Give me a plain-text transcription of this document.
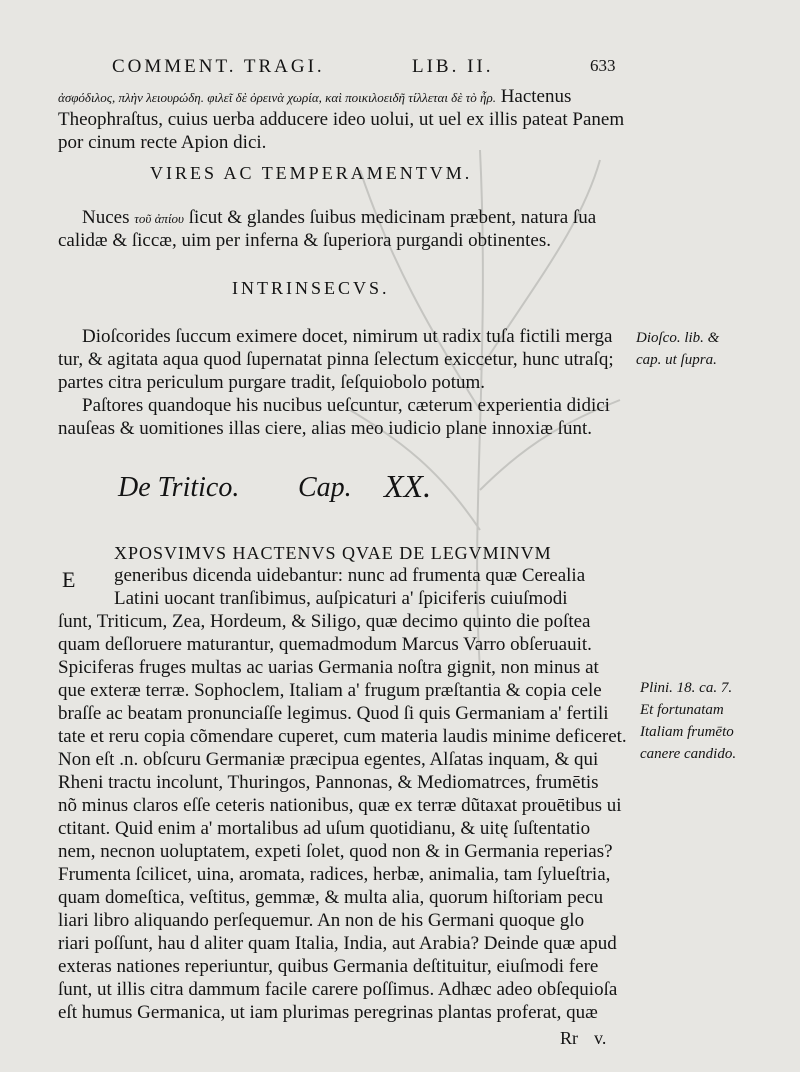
COMMENT. TRAGI.	LIB. II.	633
ἀσφόδιλος, πλὴν λειουρώδη. φιλεῖ δὲ ὀρεινὰ χωρία, καὶ ποικιλοειδῆ τίλλεται δὲ τὸ ἦρ. Hactenus
Theophraſtus, cuius uerba adducere ideo uolui, ut uel ex illis pateat Panem
por cinum recte Apion dici.
VIRES AC TEMPERAMENTVM.
Nuces τοῦ ἀπίου ſicut & glandes ſuibus medicinam præbent, natura ſua
calidæ & ſiccæ, uim per inferna & ſuperiora purgandi obtinentes.
INTRINSECVS.
Dioſcorides ſuccum eximere docet, nimirum ut radix tuſa fictili merga
tur, & agitata aqua quod ſupernatat pinna ſelectum exiccetur, hunc utraſq;
partes citra periculum purgare tradit, ſeſquiobolo potum.
Paſtores quandoque his nucibus ueſcuntur, cæterum experientia didici
nauſeas & uomitiones illas ciere, alias meo iudicio plane innoxiæ ſunt.
De Tritico. Cap. XX.
E
XPOSVIMVS HACTENVS QVAE DE LEGVMINVM
generibus dicenda uidebantur: nunc ad frumenta quæ Cerealia
Latini uocant tranſibimus, auſpicaturi a' ſpiciferis cuiuſmodi
ſunt, Triticum, Zea, Hordeum, & Siligo, quæ decimo quinto die poſtea
quam deſloruere maturantur, quemadmodum Marcus Varro obſeruauit.
Spiciferas fruges multas ac uarias Germania noſtra gignit, non minus at
que exteræ terræ. Sophoclem, Italiam a' frugum præſtantia & copia cele
braſſe ac beatam pronunciaſſe legimus. Quod ſi quis Germaniam a' fertili
tate et reru copia cõmendare cuperet, cum materia laudis minime deficeret.
Non eſt .n. obſcuru Germaniæ præcipua egentes, Alſatas inquam, & qui
Rheni tractu incolunt, Thuringos, Pannonas, & Mediomatrces, frumētis
nõ minus claros eſſe ceteris nationibus, quæ ex terræ dũtaxat prouētibus ui
ctitant. Quid enim a' mortalibus ad uſum quotidianu, & uitę ſuſtentatio
nem, necnon uoluptatem, expeti ſolet, quod non & in Germania reperias?
Frumenta ſcilicet, uina, aromata, radices, herbæ, animalia, tam ſylueſtria,
quam domeſtica, veſtitus, gemmæ, & multa alia, quorum hiſtoriam pecu
liari libro aliquando perſequemur. An non de his Germani quoque glo
riari poſſunt, hau d aliter quam Italia, India, aut Arabia? Deinde quæ apud
exteras nationes reperiuntur, quibus Germania deſtituitur, eiuſmodi fere
ſunt, ut illis citra dammum facile carere poſſimus. Adhæc adeo obſequioſa
eſt humus Germanica, ut iam plurimas peregrinas plantas proferat, quæ
Dioſco. lib. &
cap. ut ſupra.
Plini. 18. ca. 7.
Et fortunatam
Italiam frumēto
canere candido.
Rr v.
